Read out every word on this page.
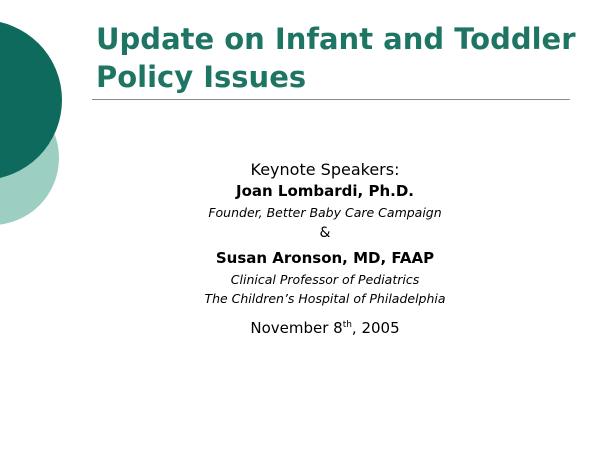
Update on Infant and Toddler Policy Issues
Keynote Speakers:
Joan Lombardi, Ph.D.
Founder, Better Baby Care Campaign
&
Susan Aronson, MD, FAAP
Clinical Professor of Pediatrics
The Children’s Hospital of Philadelphia
November 8th, 2005
